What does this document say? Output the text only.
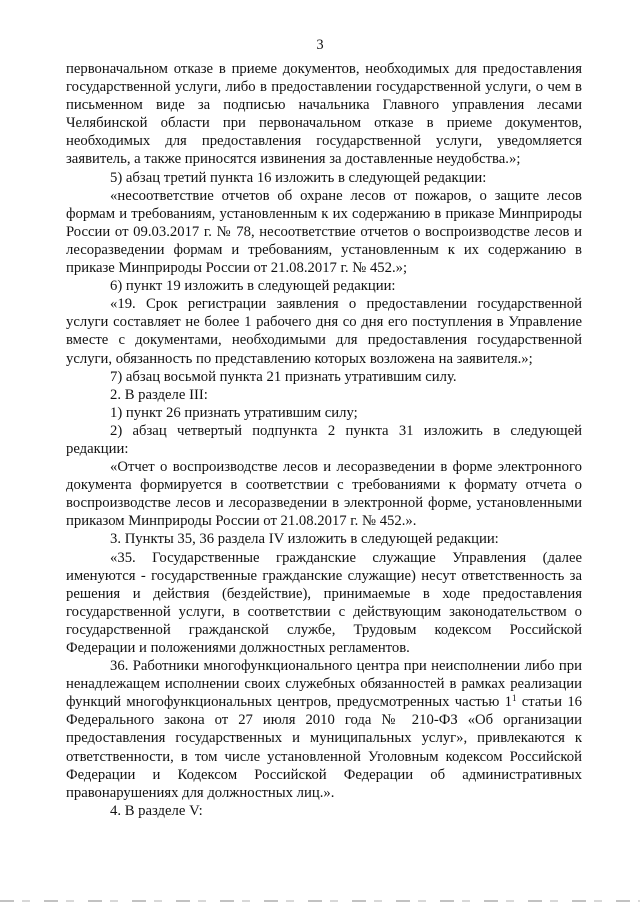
3

первоначальном отказе в приеме документов, необходимых для предоставления государственной услуги, либо в предоставлении государственной услуги, о чем в письменном виде за подписью начальника Главного управления лесами Челябинской области при первоначальном отказе в приеме документов, необходимых для предоставления государственной услуги, уведомляется заявитель, а также приносятся извинения за доставленные неудобства.»;

5) абзац третий пункта 16 изложить в следующей редакции:

«несоответствие отчетов об охране лесов от пожаров, о защите лесов формам и требованиям, установленным к их содержанию в приказе Минприроды России от 09.03.2017 г. № 78, несоответствие отчетов о воспроизводстве лесов и лесоразведении формам и требованиям, установленным к их содержанию в приказе Минприроды России от 21.08.2017 г. № 452.»;

6) пункт 19 изложить в следующей редакции:

«19. Срок регистрации заявления о предоставлении государственной услуги составляет не более 1 рабочего дня со дня его поступления в Управление вместе с документами, необходимыми для предоставления государственной услуги, обязанность по представлению которых возложена на заявителя.»;

7) абзац восьмой пункта 21 признать утратившим силу.

2. В разделе III:

1) пункт 26 признать утратившим силу;

2) абзац четвертый подпункта 2 пункта 31 изложить в следующей редакции:

«Отчет о воспроизводстве лесов и лесоразведении в форме электронного документа формируется в соответствии с требованиями к формату отчета о воспроизводстве лесов и лесоразведении в электронной форме, установленными приказом Минприроды России от 21.08.2017 г. № 452.».

3. Пункты 35, 36 раздела IV изложить в следующей редакции:

«35. Государственные гражданские служащие Управления (далее именуются - государственные гражданские служащие) несут ответственность за решения и действия (бездействие), принимаемые в ходе предоставления государственной услуги, в соответствии с действующим законодательством о государственной гражданской службе, Трудовым кодексом Российской Федерации и положениями должностных регламентов.

36. Работники многофункционального центра при неисполнении либо при ненадлежащем исполнении своих служебных обязанностей в рамках реализации функций многофункциональных центров, предусмотренных частью $1^1$ статьи 16 Федерального закона от 27 июля 2010 года № 210-ФЗ «Об организации предоставления государственных и муниципальных услуг», привлекаются к ответственности, в том числе установленной Уголовным кодексом Российской Федерации и Кодексом Российской Федерации об административных правонарушениях для должностных лиц.».

4. В разделе V:
